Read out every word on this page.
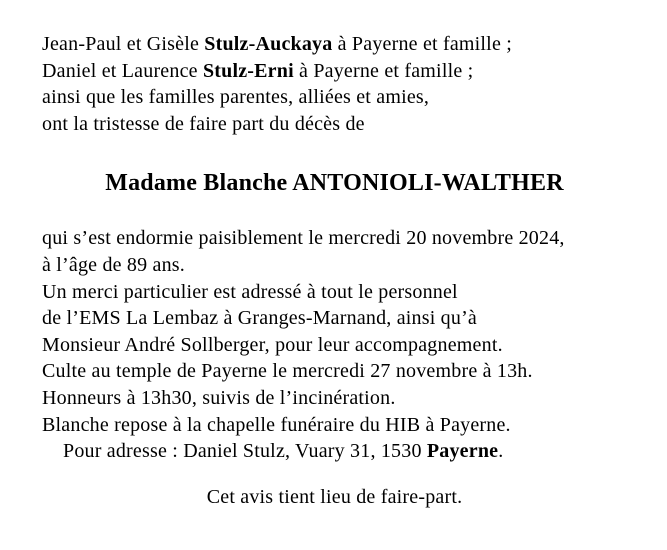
Jean-Paul et Gisèle Stulz-Auckaya à Payerne et famille ;

Daniel et Laurence Stulz-Erni à Payerne et famille ;

ainsi que les familles parentes, alliées et amies,

ont la tristesse de faire part du décès de

Madame Blanche ANTONIOLI-WALTHER

qui s’est endormie paisiblement le mercredi 20 novembre 2024,

à l’âge de 89 ans.

Un merci particulier est adressé à tout le personnel

de l’EMS La Lembaz à Granges-Marnand, ainsi qu’à

Monsieur André Sollberger, pour leur accompagnement.

Culte au temple de Payerne le mercredi 27 novembre à 13h.

Honneurs à 13h30, suivis de l’incinération.

Blanche repose à la chapelle funéraire du HIB à Payerne.

Pour adresse : Daniel Stulz, Vuary 31, 1530 Payerne.

Cet avis tient lieu de faire-part.
